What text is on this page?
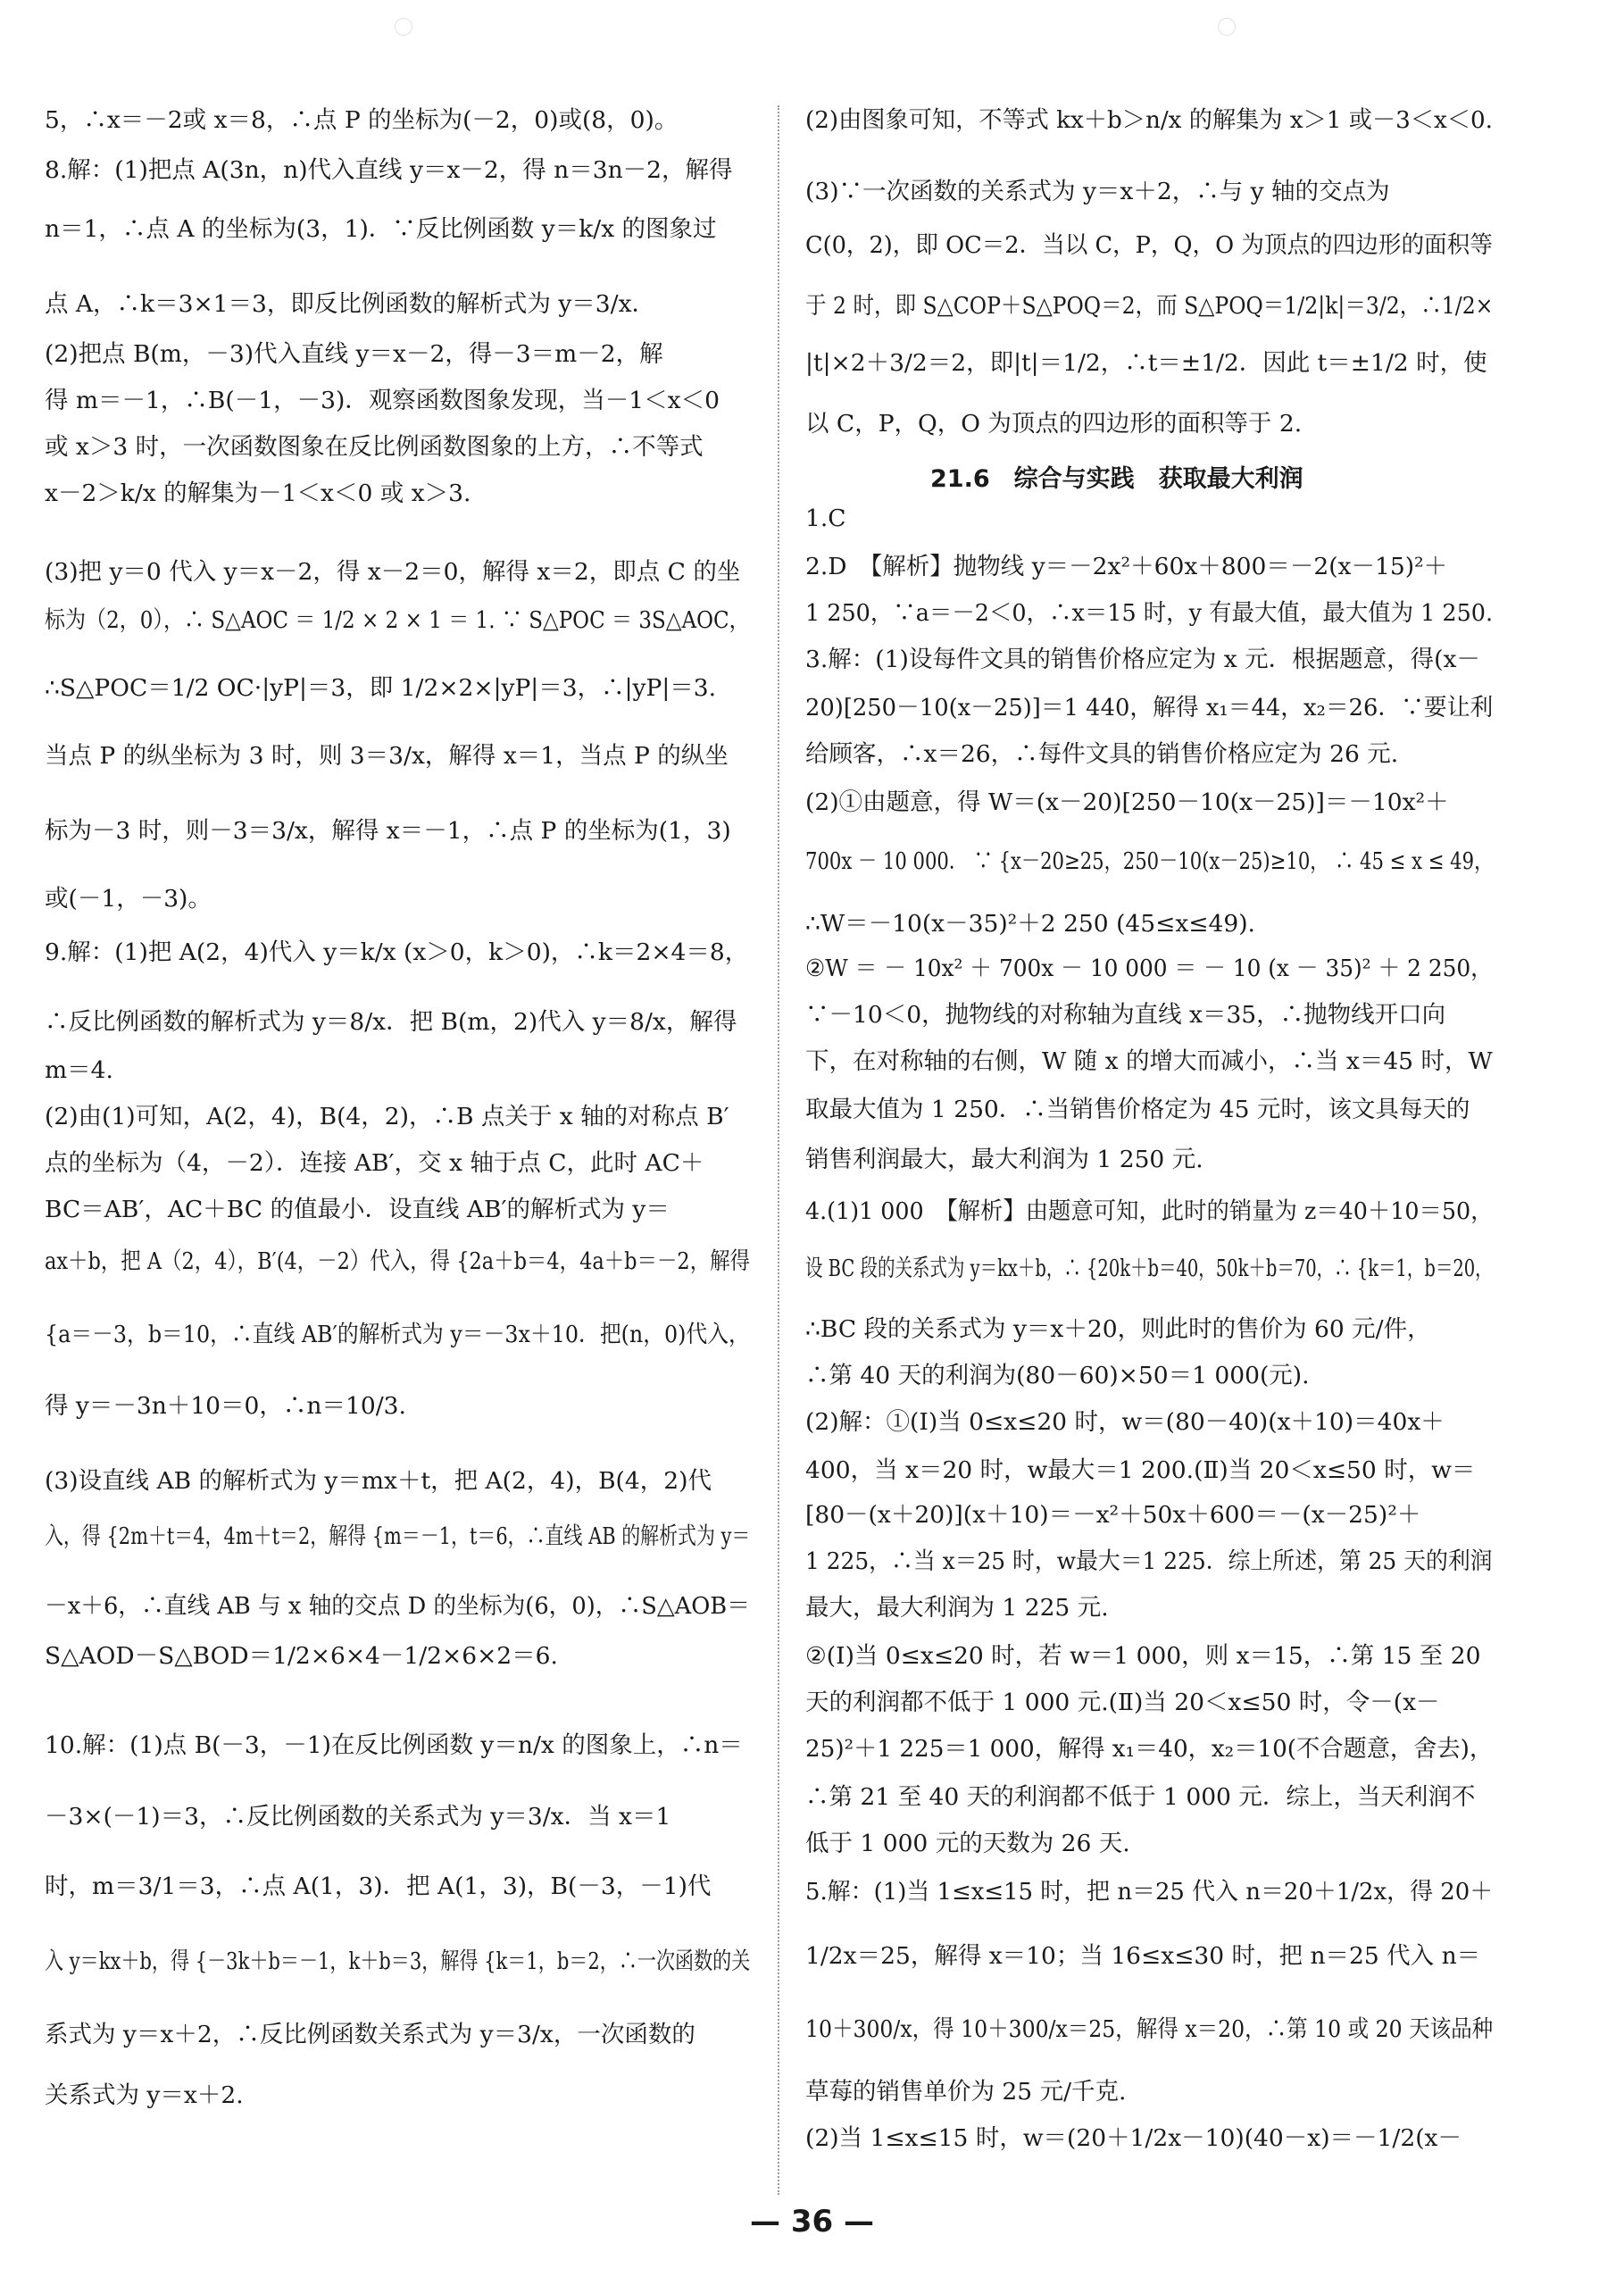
5，∴x＝－2或 x＝8，∴点 P 的坐标为(－2，0)或(8，0)。
8.解：(1)把点 A(3n，n)代入直线 y＝x－2，得 n＝3n－2，解得
n＝1，∴点 A 的坐标为(3，1)．∵反比例函数 y＝k/x 的图象过
点 A，∴k＝3×1＝3，即反比例函数的解析式为 y＝3/x．
(2)把点 B(m，－3)代入直线 y＝x－2，得－3＝m－2，解
得 m＝－1，∴B(－1，－3)．观察函数图象发现，当－1＜x＜0
或 x＞3 时，一次函数图象在反比例函数图象的上方，∴不等式
x－2＞k/x 的解集为－1＜x＜0 或 x＞3.
(3)把 y＝0 代入 y＝x－2，得 x－2＝0，解得 x＝2，即点 C 的坐
标为（2，0），∴ S△AOC ＝ 1/2 × 2 × 1 ＝ 1. ∵ S△POC ＝ 3S△AOC，
∴S△POC＝1/2 OC·|yP|＝3，即 1/2×2×|yP|＝3，∴|yP|＝3.
当点 P 的纵坐标为 3 时，则 3＝3/x，解得 x＝1，当点 P 的纵坐
标为－3 时，则－3＝3/x，解得 x＝－1，∴点 P 的坐标为(1，3)
或(－1，－3)。
9.解：(1)把 A(2，4)代入 y＝k/x (x＞0，k＞0)，∴k＝2×4＝8，
∴反比例函数的解析式为 y＝8/x．把 B(m，2)代入 y＝8/x，解得
m＝4.
(2)由(1)可知，A(2，4)，B(4，2)，∴B 点关于 x 轴的对称点 B′
点的坐标为（4，－2）．连接 AB′，交 x 轴于点 C，此时 AC＋
BC＝AB′，AC＋BC 的值最小．设直线 AB′的解析式为 y＝
ax＋b，把 A（2，4），B′(4，－2）代入，得 {2a＋b＝4，4a＋b＝－2，解得
{a＝－3，b＝10，∴直线 AB′的解析式为 y＝－3x＋10．把(n，0)代入，
得 y＝－3n＋10＝0，∴n＝10/3.
(3)设直线 AB 的解析式为 y＝mx＋t，把 A(2，4)，B(4，2)代
入，得 {2m＋t＝4，4m＋t＝2，解得 {m＝－1，t＝6，∴直线 AB 的解析式为 y＝
－x＋6，∴直线 AB 与 x 轴的交点 D 的坐标为(6，0)，∴S△AOB＝
S△AOD－S△BOD＝1/2×6×4－1/2×6×2＝6.
10.解：(1)点 B(－3，－1)在反比例函数 y＝n/x 的图象上，∴n＝
－3×(－1)＝3，∴反比例函数的关系式为 y＝3/x．当 x＝1
时，m＝3/1＝3，∴点 A(1，3)．把 A(1，3)，B(－3，－1)代
入 y＝kx＋b，得 {－3k＋b＝－1，k＋b＝3，解得 {k＝1，b＝2，∴一次函数的关
系式为 y＝x＋2，∴反比例函数关系式为 y＝3/x，一次函数的
关系式为 y＝x＋2.
(2)由图象可知，不等式 kx＋b＞n/x 的解集为 x＞1 或－3＜x＜0.
(3)∵一次函数的关系式为 y＝x＋2，∴与 y 轴的交点为
C(0，2)，即 OC＝2．当以 C，P，Q，O 为顶点的四边形的面积等
于 2 时，即 S△COP＋S△POQ＝2，而 S△POQ＝1/2|k|＝3/2，∴1/2×
|t|×2＋3/2＝2，即|t|＝1/2，∴t＝±1/2．因此 t＝±1/2 时，使
以 C，P，Q，O 为顶点的四边形的面积等于 2.
21.6　综合与实践　获取最大利润
1.C
2.D　【解析】抛物线 y＝－2x²＋60x＋800＝－2(x－15)²＋
1 250，∵a＝－2＜0，∴x＝15 时，y 有最大值，最大值为 1 250.
3.解：(1)设每件文具的销售价格应定为 x 元．根据题意，得(x－
20)[250－10(x－25)]＝1 440，解得 x₁＝44，x₂＝26．∵要让利
给顾客，∴x＝26，∴每件文具的销售价格应定为 26 元.
(2)①由题意，得 W＝(x－20)[250－10(x－25)]＝－10x²＋
700x － 10 000． ∵ {x－20≥25，250－10(x－25)≥10， ∴ 45 ≤ x ≤ 49，
∴W＝－10(x－35)²＋2 250 (45≤x≤49).
②W ＝ － 10x² ＋ 700x － 10 000 ＝ － 10 (x － 35)² ＋ 2 250，
∵－10＜0，抛物线的对称轴为直线 x＝35，∴抛物线开口向
下，在对称轴的右侧，W 随 x 的增大而减小，∴当 x＝45 时，W
取最大值为 1 250．∴当销售价格定为 45 元时，该文具每天的
销售利润最大，最大利润为 1 250 元.
4.(1)1 000　【解析】由题意可知，此时的销量为 z＝40＋10＝50，
设 BC 段的关系式为 y＝kx＋b，∴ {20k＋b＝40，50k＋b＝70，∴ {k＝1，b＝20，
∴BC 段的关系式为 y＝x＋20，则此时的售价为 60 元/件，
∴第 40 天的利润为(80－60)×50＝1 000(元).
(2)解：①(Ⅰ)当 0≤x≤20 时，w＝(80－40)(x＋10)＝40x＋
400，当 x＝20 时，w最大＝1 200.(Ⅱ)当 20＜x≤50 时，w＝
[80－(x＋20)](x＋10)＝－x²＋50x＋600＝－(x－25)²＋
1 225，∴当 x＝25 时，w最大＝1 225．综上所述，第 25 天的利润
最大，最大利润为 1 225 元.
②(Ⅰ)当 0≤x≤20 时，若 w＝1 000，则 x＝15，∴第 15 至 20
天的利润都不低于 1 000 元.(Ⅱ)当 20＜x≤50 时，令－(x－
25)²＋1 225＝1 000，解得 x₁＝40，x₂＝10(不合题意，舍去)，
∴第 21 至 40 天的利润都不低于 1 000 元．综上，当天利润不
低于 1 000 元的天数为 26 天.
5.解：(1)当 1≤x≤15 时，把 n＝25 代入 n＝20＋1/2x，得 20＋
1/2x＝25，解得 x＝10；当 16≤x≤30 时，把 n＝25 代入 n＝
10＋300/x，得 10＋300/x＝25，解得 x＝20，∴第 10 或 20 天该品种
草莓的销售单价为 25 元/千克.
(2)当 1≤x≤15 时，w＝(20＋1/2x－10)(40－x)＝－1/2(x－
— 36 —
